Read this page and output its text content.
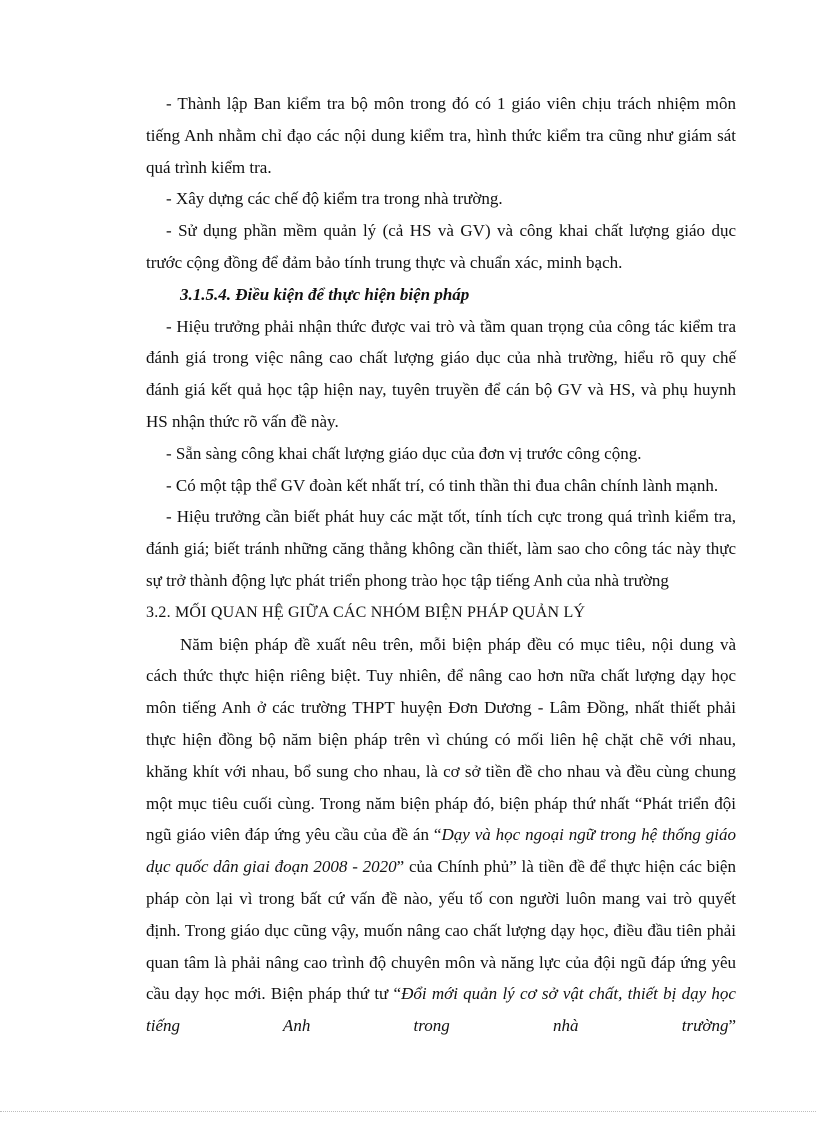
- Thành lập Ban kiểm tra bộ môn trong đó có 1 giáo viên chịu trách nhiệm môn tiếng Anh nhằm chỉ đạo các nội dung kiểm tra, hình thức kiểm tra cũng như giám sát quá trình kiểm tra.

- Xây dựng các chế độ kiểm tra trong nhà trường.

- Sử dụng phần mềm quản lý (cả HS và GV) và công khai chất lượng giáo dục trước cộng đồng để đảm bảo tính trung thực và chuẩn xác, minh bạch.

3.1.5.4. Điều kiện để thực hiện biện pháp

- Hiệu trưởng phải nhận thức được vai trò và tầm quan trọng của công tác kiểm tra đánh giá trong việc nâng cao chất lượng giáo dục của nhà trường, hiểu rõ quy chế đánh giá kết quả học tập hiện nay, tuyên truyền để cán bộ GV và HS, và phụ huynh HS nhận thức rõ vấn đề này.

- Sẵn sàng công khai chất lượng giáo dục của đơn vị trước công cộng.

- Có một tập thể GV đoàn kết nhất trí, có tinh thần thi đua chân chính lành mạnh.

- Hiệu trưởng cần biết phát huy các mặt tốt, tính tích cực trong quá trình kiểm tra, đánh giá; biết tránh những căng thẳng không cần thiết, làm sao cho công tác này thực sự trở thành động lực phát triển phong trào học tập tiếng Anh của nhà trường

3.2. MỐI QUAN HỆ GIỮA CÁC NHÓM BIỆN PHÁP QUẢN LÝ

Năm biện pháp đề xuất nêu trên, mỗi biện pháp đều có mục tiêu, nội dung và cách thức thực hiện riêng biệt. Tuy nhiên, để nâng cao hơn nữa chất lượng dạy học môn tiếng Anh ở các trường THPT huyện Đơn Dương - Lâm Đồng, nhất thiết phải thực hiện đồng bộ năm biện pháp trên vì chúng có mối liên hệ chặt chẽ với nhau, khăng khít với nhau, bổ sung cho nhau, là cơ sở tiền đề cho nhau và đều cùng chung một mục tiêu cuối cùng. Trong năm biện pháp đó, biện pháp thứ nhất “Phát triển đội ngũ giáo viên đáp ứng yêu cầu của đề án “Dạy và học ngoại ngữ trong hệ thống giáo dục quốc dân giai đoạn 2008 - 2020” của Chính phủ” là tiền đề để thực hiện các biện pháp còn lại vì trong bất cứ vấn đề nào, yếu tố con người luôn mang vai trò quyết định. Trong giáo dục cũng vậy, muốn nâng cao chất lượng dạy học, điều đầu tiên phải quan tâm là phải nâng cao trình độ chuyên môn và năng lực của đội ngũ đáp ứng yêu cầu dạy học mới. Biện pháp thứ tư “Đổi mới quản lý cơ sở vật chất, thiết bị dạy học tiếng Anh trong nhà trường”
